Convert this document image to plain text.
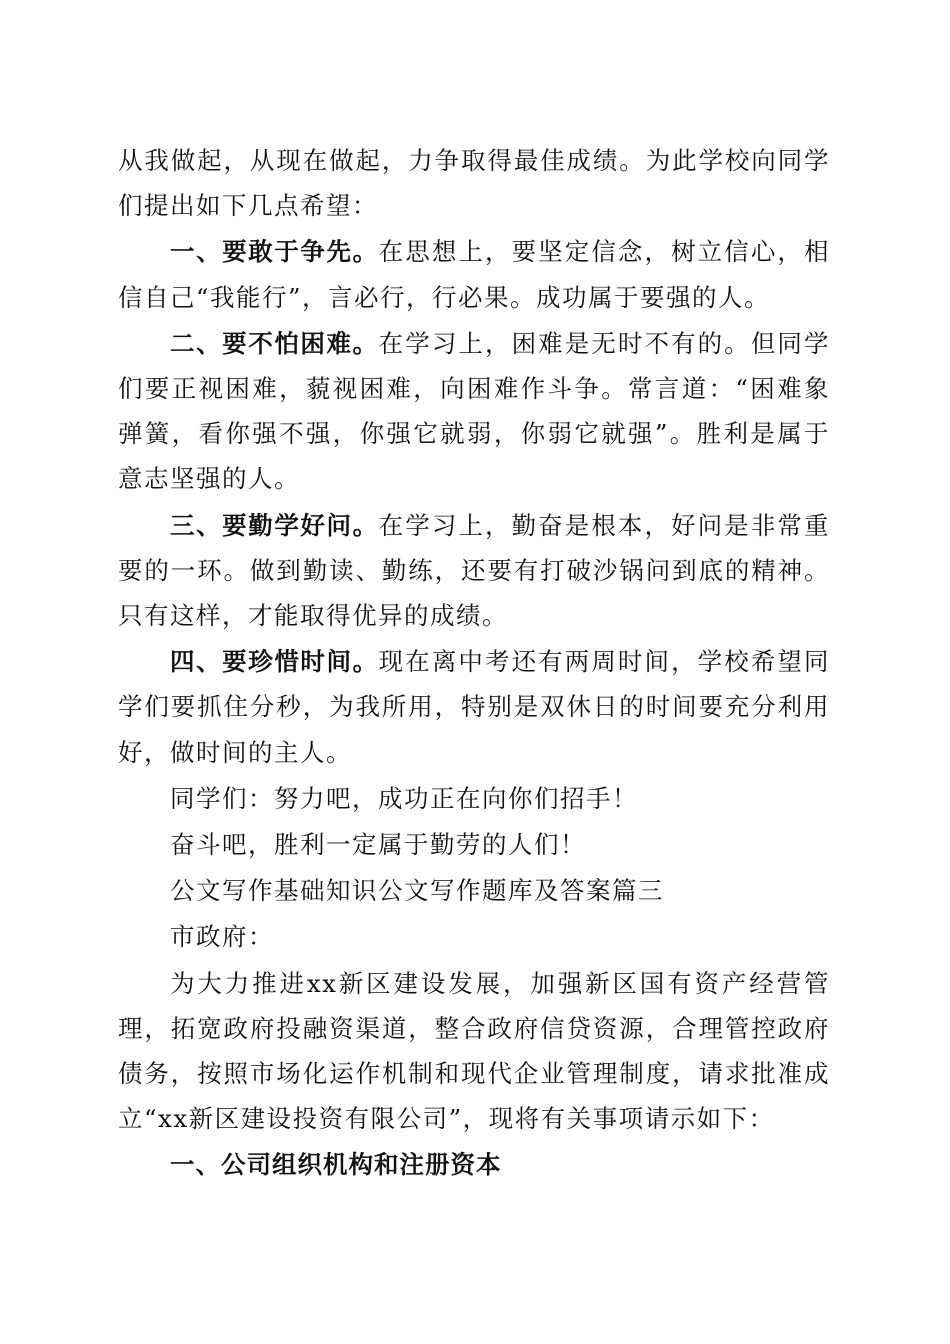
从我做起，从现在做起，力争取得最佳成绩。为此学校向同学们提出如下几点希望：

一、要敢于争先。在思想上，要坚定信念，树立信心，相信自己“我能行”，言必行，行必果。成功属于要强的人。

二、要不怕困难。在学习上，困难是无时不有的。但同学们要正视困难，藐视困难，向困难作斗争。常言道：“困难象弹簧，看你强不强，你强它就弱，你弱它就强”。胜利是属于意志坚强的人。

三、要勤学好问。在学习上，勤奋是根本，好问是非常重要的一环。做到勤读、勤练，还要有打破沙锅问到底的精神。只有这样，才能取得优异的成绩。

四、要珍惜时间。现在离中考还有两周时间，学校希望同学们要抓住分秒，为我所用，特别是双休日的时间要充分利用好，做时间的主人。

同学们：努力吧，成功正在向你们招手！

奋斗吧，胜利一定属于勤劳的人们！

公文写作基础知识公文写作题库及答案篇三

市政府：

为大力推进xx新区建设发展，加强新区国有资产经营管理，拓宽政府投融资渠道，整合政府信贷资源，合理管控政府债务，按照市场化运作机制和现代企业管理制度，请求批准成立“xx新区建设投资有限公司”，现将有关事项请示如下：

一、公司组织机构和注册资本
